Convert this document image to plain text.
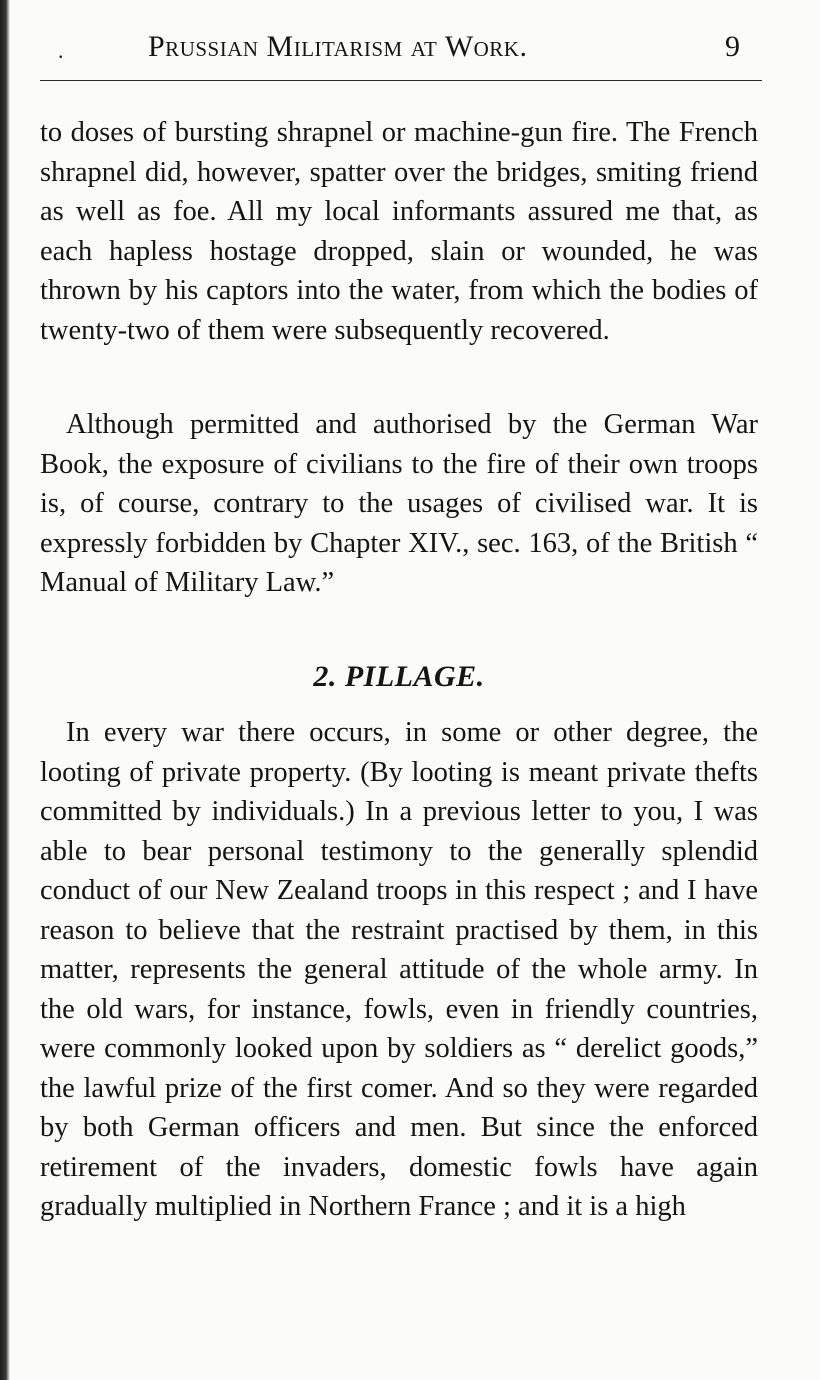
.	Prussian Militarism at Work.	9

to doses of bursting shrapnel or machine-gun fire. The French shrapnel did, however, spatter over the bridges, smiting friend as well as foe. All my local informants assured me that, as each hapless hostage dropped, slain or wounded, he was thrown by his captors into the water, from which the bodies of twenty-two of them were subsequently recovered.

Although permitted and authorised by the German War Book, the exposure of civilians to the fire of their own troops is, of course, contrary to the usages of civilised war. It is expressly forbidden by Chapter XIV., sec. 163, of the British “ Manual of Military Law.”

2. PILLAGE.

In every war there occurs, in some or other degree, the looting of private property. (By looting is meant private thefts committed by individuals.) In a previous letter to you, I was able to bear personal testimony to the generally splendid conduct of our New Zealand troops in this respect ; and I have reason to believe that the restraint practised by them, in this matter, represents the general attitude of the whole army. In the old wars, for instance, fowls, even in friendly countries, were commonly looked upon by soldiers as “ derelict goods,” the lawful prize of the first comer. And so they were regarded by both German officers and men. But since the enforced retirement of the invaders, domestic fowls have again gradually multiplied in Northern France ; and it is a high
